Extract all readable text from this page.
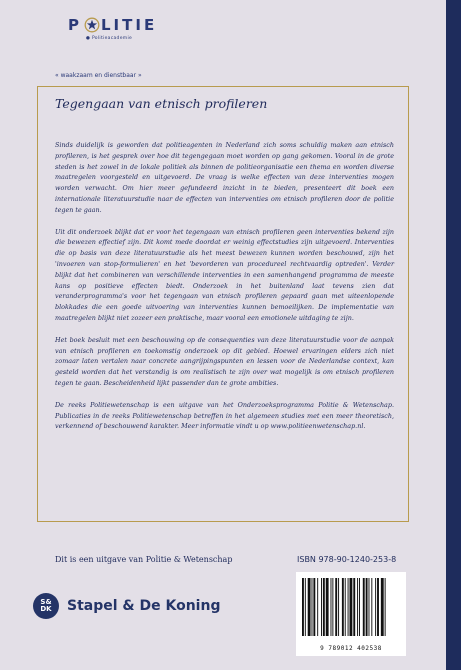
P LITIE
● Politieacademie
« waakzaam en dienstbaar »
Tegengaan van etnisch profileren

Sinds duidelijk is geworden dat politieagenten in Nederland zich soms schuldig maken aan etnisch profileren, is het gesprek over hoe dit tegengegaan moet worden op gang gekomen. Vooral in de grote steden is het zowel in de lokale politiek als binnen de politieorganisatie een thema en worden diverse maatregelen voorgesteld en uitgevoerd. De vraag is welke effecten van deze interventies mogen worden verwacht. Om hier meer gefundeerd inzicht in te bieden, presenteert dit boek een internationale literatuurstudie naar de effecten van interventies om etnisch profileren door de politie tegen te gaan.

Uit dit onderzoek blijkt dat er voor het tegengaan van etnisch profileren geen interventies bekend zijn die bewezen effectief zijn. Dit komt mede doordat er weinig effectstudies zijn uitgevoerd. Interventies die op basis van deze literatuurstudie als het meest bewezen kunnen worden beschouwd, zijn het 'invoeren van stop-formulieren' en het 'bevorderen van procedureel rechtvaardig optreden'. Verder blijkt dat het combineren van verschillende interventies in een samenhangend programma de meeste kans op positieve effecten biedt. Onderzoek in het buitenland laat tevens zien dat veranderprogramma's voor het tegengaan van etnisch profileren gepaard gaan met uiteenlopende blokkades die een goede uitvoering van interventies kunnen bemoeilijken. De implementatie van maatregelen blijkt niet zozeer een praktische, maar vooral een emotionele uitdaging te zijn.

Het boek besluit met een beschouwing op de consequenties van deze literatuurstudie voor de aanpak van etnisch profileren en toekomstig onderzoek op dit gebied. Hoewel ervaringen elders zich niet zomaar laten vertalen naar concrete aangrijpingspunten en lessen voor de Nederlandse context, kan gesteld worden dat het verstandig is om realistisch te zijn over wat mogelijk is om etnisch profileren tegen te gaan. Bescheidenheid lijkt passender dan te grote ambities.

De reeks Politiewetenschap is een uitgave van het Onderzoeksprogramma Politie & Wetenschap. Publicaties in de reeks Politiewetenschap betreffen in het algemeen studies met een meer theoretisch, verkennend of beschouwend karakter. Meer informatie vindt u op www.politieenwetenschap.nl.

Dit is een uitgave van Politie & Wetenschap	ISBN 978-90-1240-253-8
S&
DK Stapel & De Koning
9 789012 402538
